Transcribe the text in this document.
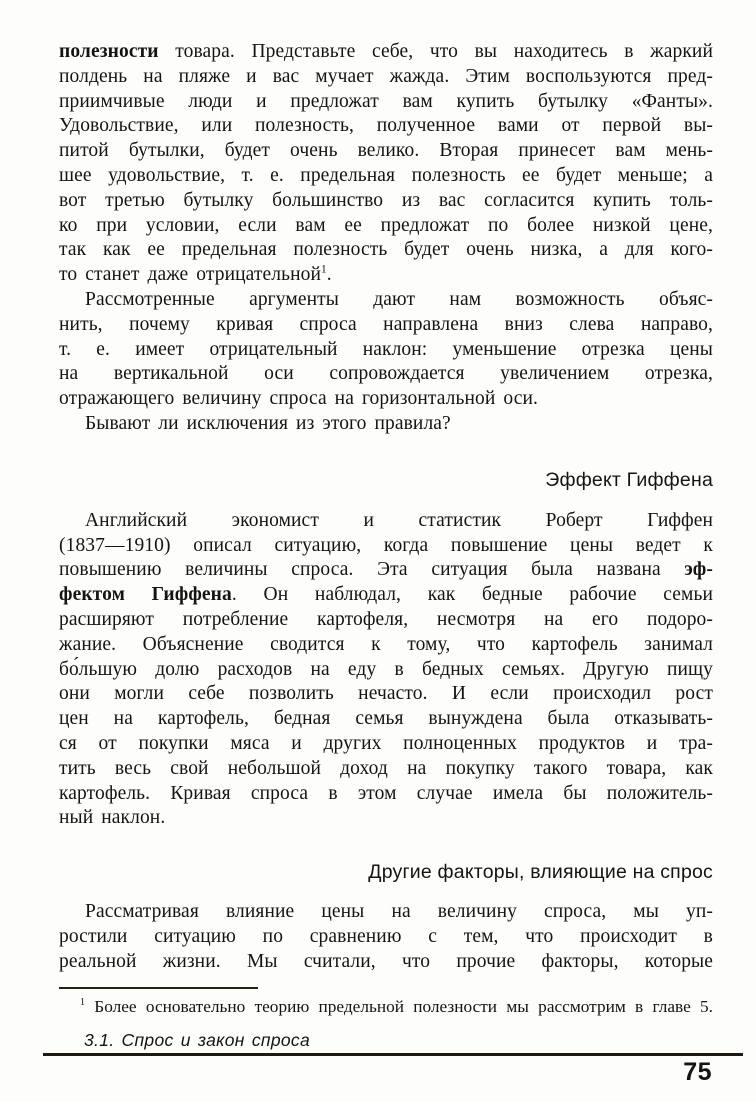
полезности товара. Представьте себе, что вы находитесь в жаркий
полдень на пляже и вас мучает жажда. Этим воспользуются пред-
приимчивые люди и предложат вам купить бутылку «Фанты».
Удовольствие, или полезность, полученное вами от первой вы-
питой бутылки, будет очень велико. Вторая принесет вам мень-
шее удовольствие, т. е. предельная полезность ее будет меньше; а
вот третью бутылку большинство из вас согласится купить толь-
ко при условии, если вам ее предложат по более низкой цене,
так как ее предельная полезность будет очень низка, а для кого-
то станет даже отрицательной$^1$.
Рассмотренные аргументы дают нам возможность объяс-
нить, почему кривая спроса направлена вниз слева направо,
т. е. имеет отрицательный наклон: уменьшение отрезка цены
на вертикальной оси сопровождается увеличением отрезка,
отражающего величину спроса на горизонтальной оси.
Бывают ли исключения из этого правила?
Эффект Гиффена
Английский экономист и статистик Роберт Гиффен
(1837—1910) описал ситуацию, когда повышение цены ведет к
повышению величины спроса. Эта ситуация была названа эф-
фектом Гиффена. Он наблюдал, как бедные рабочие семьи
расширяют потребление картофеля, несмотря на его подоро-
жание. Объяснение сводится к тому, что картофель занимал
бо́льшую долю расходов на еду в бедных семьях. Другую пищу
они могли себе позволить нечасто. И если происходил рост
цен на картофель, бедная семья вынуждена была отказывать-
ся от покупки мяса и других полноценных продуктов и тра-
тить весь свой небольшой доход на покупку такого товара, как
картофель. Кривая спроса в этом случае имела бы положитель-
ный наклон.
Другие факторы, влияющие на спрос
Рассматривая влияние цены на величину спроса, мы уп-
ростили ситуацию по сравнению с тем, что происходит в
реальной жизни. Мы считали, что прочие факторы, которые
$^1$ Более основательно теорию предельной полезности мы рассмотрим в главе 5.
3.1. Спрос и закон спроса
75
